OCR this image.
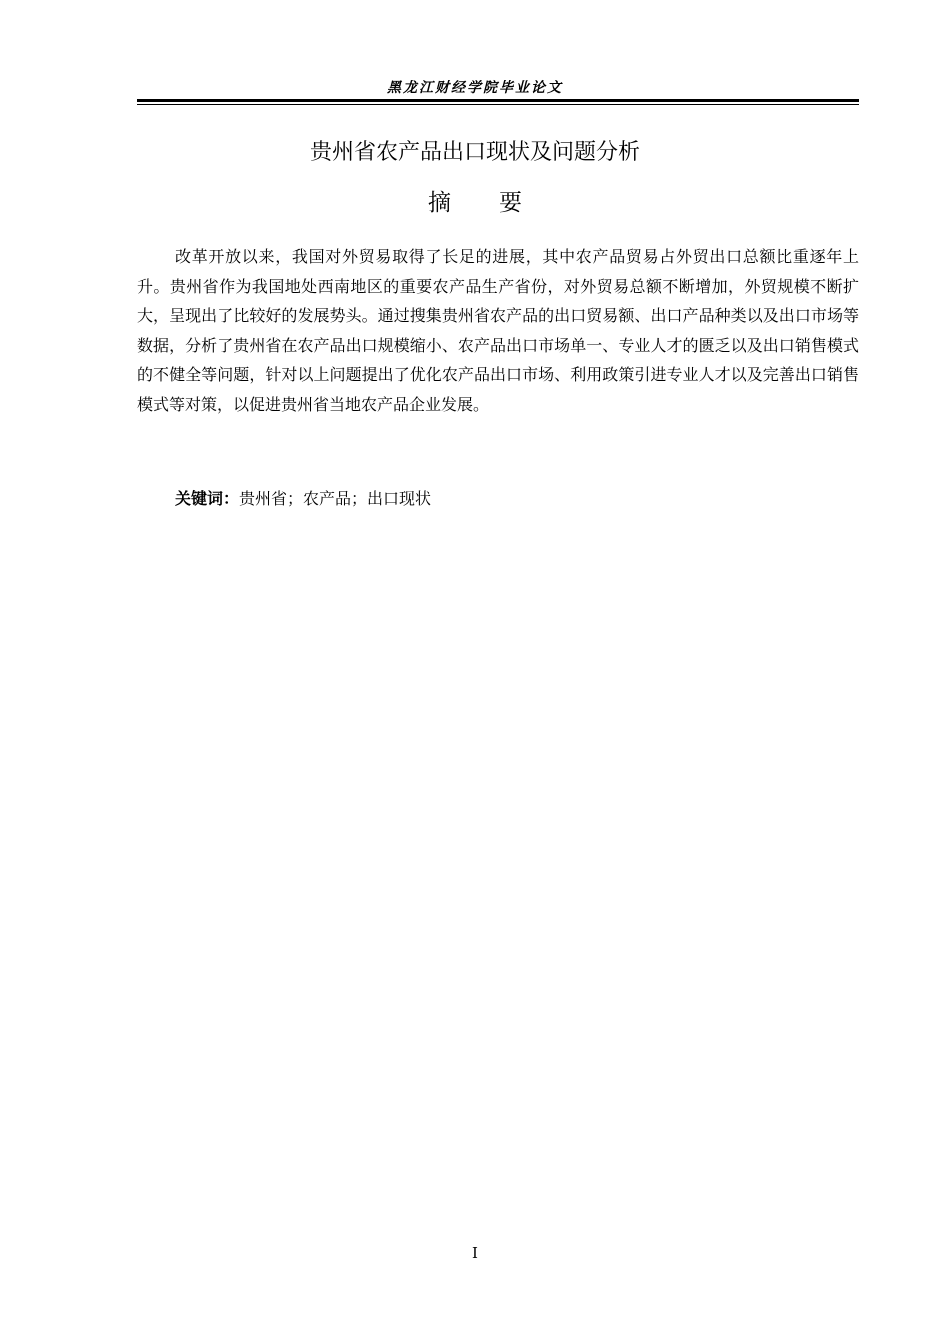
黑龙江财经学院毕业论文
贵州省农产品出口现状及问题分析
摘要

改革开放以来，我国对外贸易取得了长足的进展，其中农产品贸易占外贸出口总额比重逐年上升。贵州省作为我国地处西南地区的重要农产品生产省份，对外贸易总额不断增加，外贸规模不断扩大，呈现出了比较好的发展势头。通过搜集贵州省农产品的出口贸易额、出口产品种类以及出口市场等数据，分析了贵州省在农产品出口规模缩小、农产品出口市场单一、专业人才的匮乏以及出口销售模式的不健全等问题，针对以上问题提出了优化农产品出口市场、利用政策引进专业人才以及完善出口销售模式等对策，以促进贵州省当地农产品企业发展。

关键词：贵州省；农产品；出口现状
I
